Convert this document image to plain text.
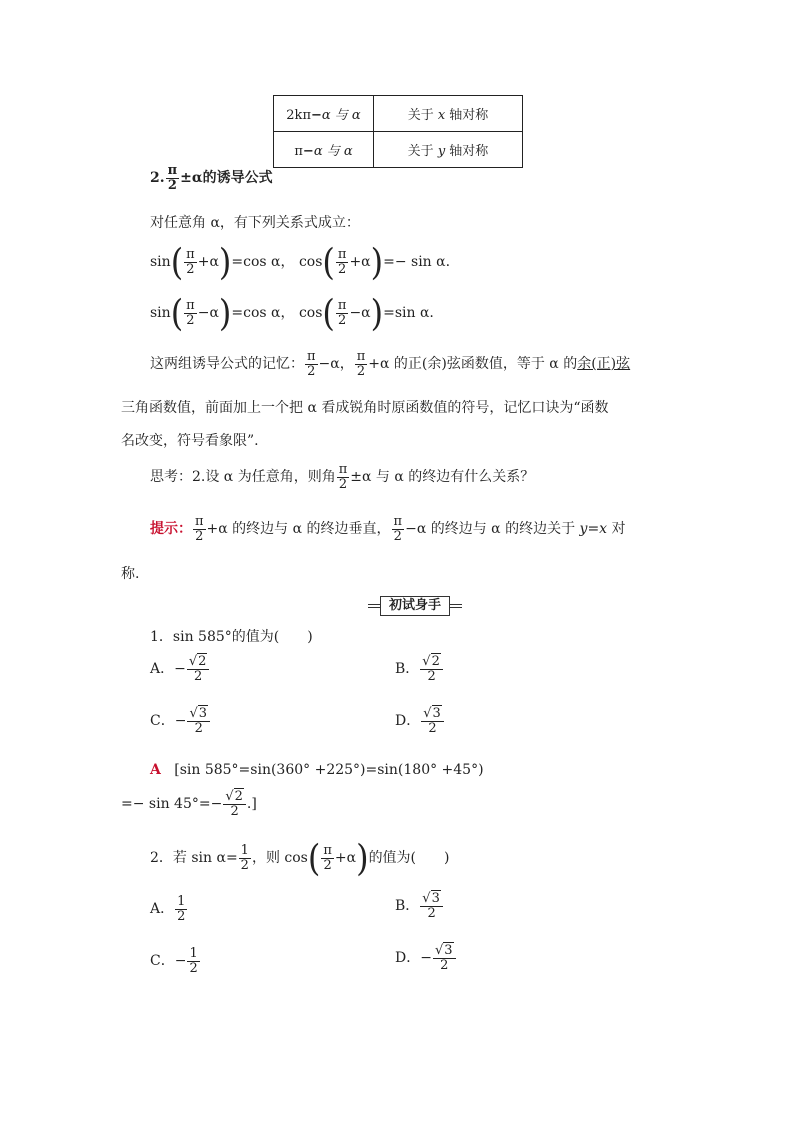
2kπ−α 与 α	关于 x 轴对称
π−α 与 α	关于 y 轴对称
2. $\frac{\pi}{2} \pm\alpha$的诱导公式
对任意角 α，有下列关系式成立：
$\sin( \frac{\pi}{2} +\alpha)=\cos$ α， $\cos( \frac{\pi}{2} +\alpha)=- \sin \alpha$.
$\sin( \frac{\pi}{2} -\alpha)=\cos$ α， $\cos( \frac{\pi}{2} -\alpha)=\sin$ α.
这两组诱导公式的记忆： $\frac{\pi}{2} -\alpha$， $\frac{\pi}{2} +\alpha$ 的正(余)弦函数值，等于 α 的余(正)弦
三角函数值，前面加上一个把 α 看成锐角时原函数值的符号，记忆口诀为“函数
名改变，符号看象限”.
思考：2.设 α 为任意角，则角 $\frac{\pi}{2} \pm\alpha$ 与 α 的终边有什么关系？
提示： $\frac{\pi}{2} +\alpha$ 的终边与 α 的终边垂直， $\frac{\pi}{2} -\alpha$ 的终边与 α 的终边关于 y=x 对
称.
初试身手
1．sin 585°的值为(　　)
A．− $\frac{√2}{2}$	B． $\frac{√2}{2}$
C．− $\frac{√3}{2}$	D． $\frac{√3}{2}$
A [sin 585°=sin(360° +225°)=sin(180° +45°)
=− $\sin 45^\circ=- \frac{√2}{2}$ .]
2．若 $\sin \alpha= \frac{1}{2}$ ，则 $\cos( \frac{\pi}{2} +\alpha)$的值为(　　)
A． $\frac{1}{2}$	B． $\frac{√3}{2}$
C．− $\frac{1}{2}$	D．− $\frac{√3}{2}$
